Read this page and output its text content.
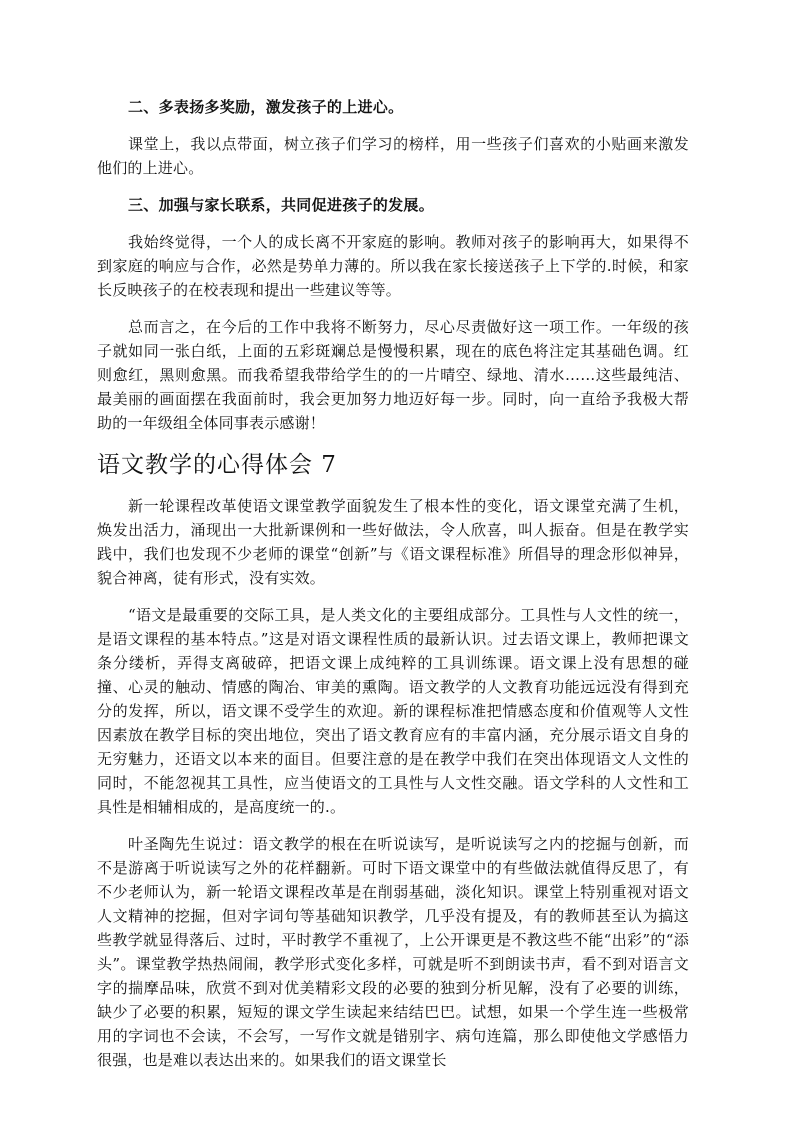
二、多表扬多奖励，激发孩子的上进心。

课堂上，我以点带面，树立孩子们学习的榜样，用一些孩子们喜欢的小贴画来激发他们的上进心。

三、加强与家长联系，共同促进孩子的发展。

我始终觉得，一个人的成长离不开家庭的影响。教师对孩子的影响再大，如果得不到家庭的响应与合作，必然是势单力薄的。所以我在家长接送孩子上下学的.时候，和家长反映孩子的在校表现和提出一些建议等等。

总而言之，在今后的工作中我将不断努力，尽心尽责做好这一项工作。一年级的孩子就如同一张白纸，上面的五彩斑斓总是慢慢积累，现在的底色将注定其基础色调。红则愈红，黑则愈黑。而我希望我带给学生的的一片晴空、绿地、清水……这些最纯洁、最美丽的画面摆在我面前时，我会更加努力地迈好每一步。同时，向一直给予我极大帮助的一年级组全体同事表示感谢！

语文教学的心得体会 7

新一轮课程改革使语文课堂教学面貌发生了根本性的变化，语文课堂充满了生机，焕发出活力，涌现出一大批新课例和一些好做法，令人欣喜，叫人振奋。但是在教学实践中，我们也发现不少老师的课堂“创新”与《语文课程标准》所倡导的理念形似神异，貌合神离，徒有形式，没有实效。

“语文是最重要的交际工具，是人类文化的主要组成部分。工具性与人文性的统一，是语文课程的基本特点。”这是对语文课程性质的最新认识。过去语文课上，教师把课文条分缕析，弄得支离破碎，把语文课上成纯粹的工具训练课。语文课上没有思想的碰撞、心灵的触动、情感的陶冶、审美的熏陶。语文教学的人文教育功能远远没有得到充分的发挥，所以，语文课不受学生的欢迎。新的课程标准把情感态度和价值观等人文性因素放在教学目标的突出地位，突出了语文教育应有的丰富内涵，充分展示语文自身的无穷魅力，还语文以本来的面目。但要注意的是在教学中我们在突出体现语文人文性的同时，不能忽视其工具性，应当使语文的工具性与人文性交融。语文学科的人文性和工具性是相辅相成的，是高度统一的.。

叶圣陶先生说过：语文教学的根在在听说读写，是听说读写之内的挖掘与创新，而不是游离于听说读写之外的花样翻新。可时下语文课堂中的有些做法就值得反思了，有不少老师认为，新一轮语文课程改革是在削弱基础，淡化知识。课堂上特别重视对语文人文精神的挖掘，但对字词句等基础知识教学，几乎没有提及，有的教师甚至认为搞这些教学就显得落后、过时，平时教学不重视了，上公开课更是不教这些不能“出彩”的“添头”。课堂教学热热闹闹，教学形式变化多样，可就是听不到朗读书声，看不到对语言文字的揣摩品味，欣赏不到对优美精彩文段的必要的独到分析见解，没有了必要的训练，缺少了必要的积累，短短的课文学生读起来结结巴巴。试想，如果一个学生连一些极常用的字词也不会读，不会写，一写作文就是错别字、病句连篇，那么即使他文学感悟力很强，也是难以表达出来的。如果我们的语文课堂长
